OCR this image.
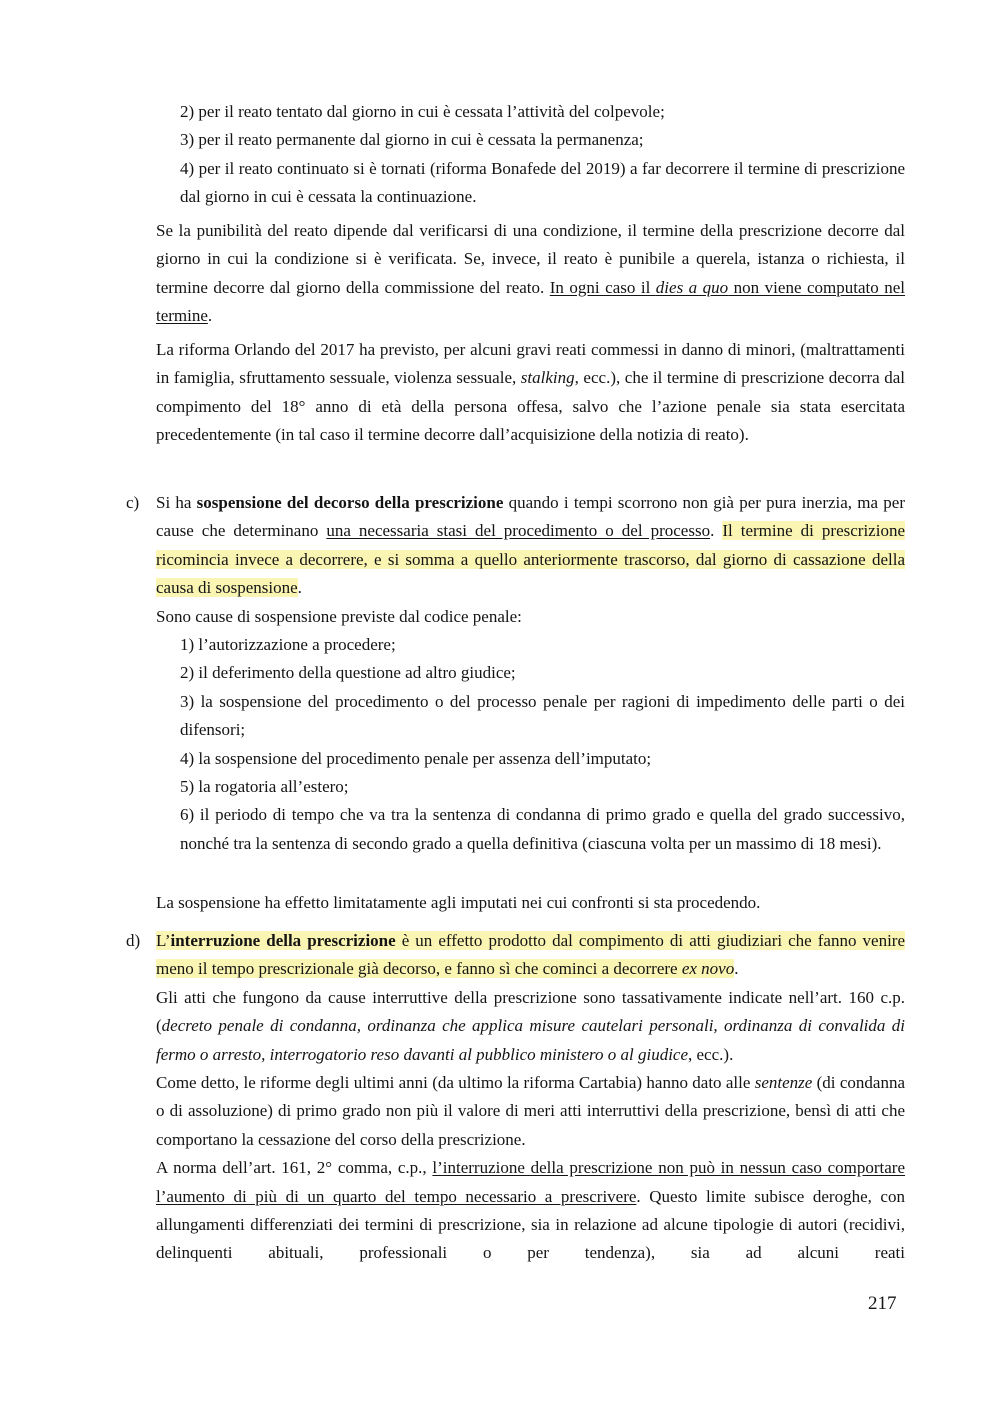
2) per il reato tentato dal giorno in cui è cessata l’attività del colpevole;

3) per il reato permanente dal giorno in cui è cessata la permanenza;

4) per il reato continuato si è tornati (riforma Bonafede del 2019) a far decorrere il termine di prescrizione dal giorno in cui è cessata la continuazione.

Se la punibilità del reato dipende dal verificarsi di una condizione, il termine della prescrizione decorre dal giorno in cui la condizione si è verificata. Se, invece, il reato è punibile a querela, istanza o richiesta, il termine decorre dal giorno della commissione del reato. In ogni caso il dies a quo non viene computato nel termine.

La riforma Orlando del 2017 ha previsto, per alcuni gravi reati commessi in danno di minori, (maltrattamenti in famiglia, sfruttamento sessuale, violenza sessuale, stalking, ecc.), che il termine di prescrizione decorra dal compimento del 18° anno di età della persona offesa, salvo che l’azione penale sia stata esercitata precedentemente (in tal caso il termine decorre dall’acquisizione della notizia di reato).

c) Si ha sospensione del decorso della prescrizione quando i tempi scorrono non già per pura inerzia, ma per cause che determinano una necessaria stasi del procedimento o del processo. Il termine di prescrizione ricomincia invece a decorrere, e si somma a quello anteriormente trascorso, dal giorno di cassazione della causa di sospensione.

Sono cause di sospensione previste dal codice penale:

1) l’autorizzazione a procedere;

2) il deferimento della questione ad altro giudice;

3) la sospensione del procedimento o del processo penale per ragioni di impedimento delle parti o dei difensori;

4) la sospensione del procedimento penale per assenza dell’imputato;

5) la rogatoria all’estero;

6) il periodo di tempo che va tra la sentenza di condanna di primo grado e quella del grado successivo, nonché tra la sentenza di secondo grado a quella definitiva (ciascuna volta per un massimo di 18 mesi).

La sospensione ha effetto limitatamente agli imputati nei cui confronti si sta procedendo.

d) L’interruzione della prescrizione è un effetto prodotto dal compimento di atti giudiziari che fanno venire meno il tempo prescrizionale già decorso, e fanno sì che cominci a decorrere ex novo.

Gli atti che fungono da cause interruttive della prescrizione sono tassativamente indicate nell’art. 160 c.p. (decreto penale di condanna, ordinanza che applica misure cautelari personali, ordinanza di convalida di fermo o arresto, interrogatorio reso davanti al pubblico ministero o al giudice, ecc.).

Come detto, le riforme degli ultimi anni (da ultimo la riforma Cartabia) hanno dato alle sentenze (di condanna o di assoluzione) di primo grado non più il valore di meri atti interruttivi della prescrizione, bensì di atti che comportano la cessazione del corso della prescrizione.

A norma dell’art. 161, 2° comma, c.p., l’interruzione della prescrizione non può in nessun caso comportare l’aumento di più di un quarto del tempo necessario a prescrivere. Questo limite subisce deroghe, con allungamenti differenziati dei termini di prescrizione, sia in relazione ad alcune tipologie di autori (recidivi, delinquenti abituali, professionali o per tendenza), sia ad alcuni reati

217
